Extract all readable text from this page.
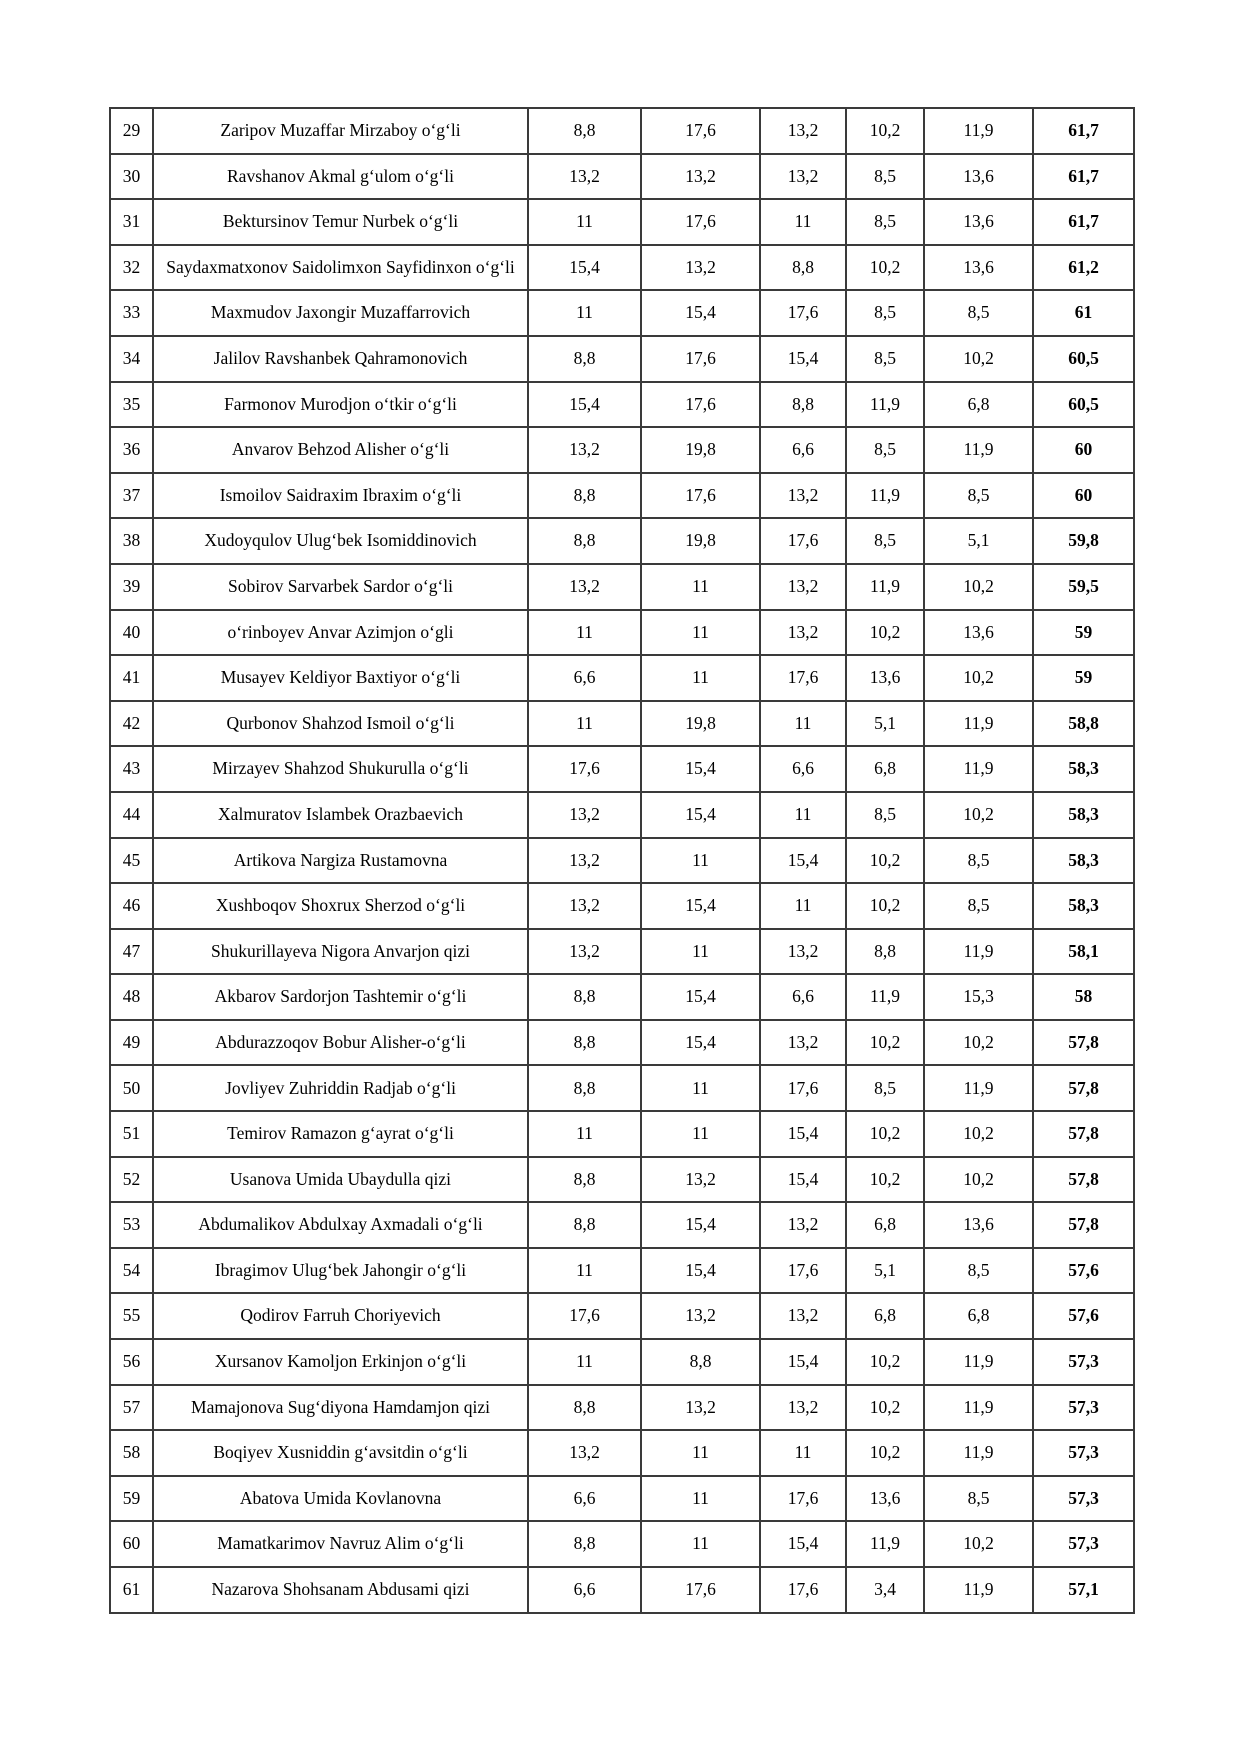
29	Zaripov Muzaffar Mirzaboy o‘g‘li	8,8	17,6	13,2	10,2	11,9	61,7
30	Ravshanov Akmal g‘ulom o‘g‘li	13,2	13,2	13,2	8,5	13,6	61,7
31	Bektursinov Temur Nurbek o‘g‘li	11	17,6	11	8,5	13,6	61,7
32	Saydaxmatxonov Saidolimxon Sayfidinxon o‘g‘li	15,4	13,2	8,8	10,2	13,6	61,2
33	Maxmudov Jaxongir Muzaffarrovich	11	15,4	17,6	8,5	8,5	61
34	Jalilov Ravshanbek Qahramonovich	8,8	17,6	15,4	8,5	10,2	60,5
35	Farmonov Murodjon o‘tkir o‘g‘li	15,4	17,6	8,8	11,9	6,8	60,5
36	Anvarov Behzod Alisher o‘g‘li	13,2	19,8	6,6	8,5	11,9	60
37	Ismoilov Saidraxim Ibraxim o‘g‘li	8,8	17,6	13,2	11,9	8,5	60
38	Xudoyqulov Ulug‘bek Isomiddinovich	8,8	19,8	17,6	8,5	5,1	59,8
39	Sobirov Sarvarbek Sardor o‘g‘li	13,2	11	13,2	11,9	10,2	59,5
40	o‘rinboyev Anvar Azimjon o‘gli	11	11	13,2	10,2	13,6	59
41	Musayev Keldiyor Baxtiyor o‘g‘li	6,6	11	17,6	13,6	10,2	59
42	Qurbonov Shahzod Ismoil o‘g‘li	11	19,8	11	5,1	11,9	58,8
43	Mirzayev Shahzod Shukurulla o‘g‘li	17,6	15,4	6,6	6,8	11,9	58,3
44	Xalmuratov Islambek Orazbaevich	13,2	15,4	11	8,5	10,2	58,3
45	Artikova Nargiza Rustamovna	13,2	11	15,4	10,2	8,5	58,3
46	Xushboqov Shoxrux Sherzod o‘g‘li	13,2	15,4	11	10,2	8,5	58,3
47	Shukurillayeva Nigora Anvarjon qizi	13,2	11	13,2	8,8	11,9	58,1
48	Akbarov Sardorjon Tashtemir o‘g‘li	8,8	15,4	6,6	11,9	15,3	58
49	Abdurazzoqov Bobur Alisher-o‘g‘li	8,8	15,4	13,2	10,2	10,2	57,8
50	Jovliyev Zuhriddin Radjab o‘g‘li	8,8	11	17,6	8,5	11,9	57,8
51	Temirov Ramazon g‘ayrat o‘g‘li	11	11	15,4	10,2	10,2	57,8
52	Usanova Umida Ubaydulla qizi	8,8	13,2	15,4	10,2	10,2	57,8
53	Abdumalikov Abdulxay Axmadali o‘g‘li	8,8	15,4	13,2	6,8	13,6	57,8
54	Ibragimov Ulug‘bek Jahongir o‘g‘li	11	15,4	17,6	5,1	8,5	57,6
55	Qodirov Farruh Choriyevich	17,6	13,2	13,2	6,8	6,8	57,6
56	Xursanov Kamoljon Erkinjon o‘g‘li	11	8,8	15,4	10,2	11,9	57,3
57	Mamajonova Sug‘diyona Hamdamjon qizi	8,8	13,2	13,2	10,2	11,9	57,3
58	Boqiyev Xusniddin g‘avsitdin o‘g‘li	13,2	11	11	10,2	11,9	57,3
59	Abatova Umida Kovlanovna	6,6	11	17,6	13,6	8,5	57,3
60	Mamatkarimov Navruz Alim o‘g‘li	8,8	11	15,4	11,9	10,2	57,3
61	Nazarova Shohsanam Abdusami qizi	6,6	17,6	17,6	3,4	11,9	57,1
